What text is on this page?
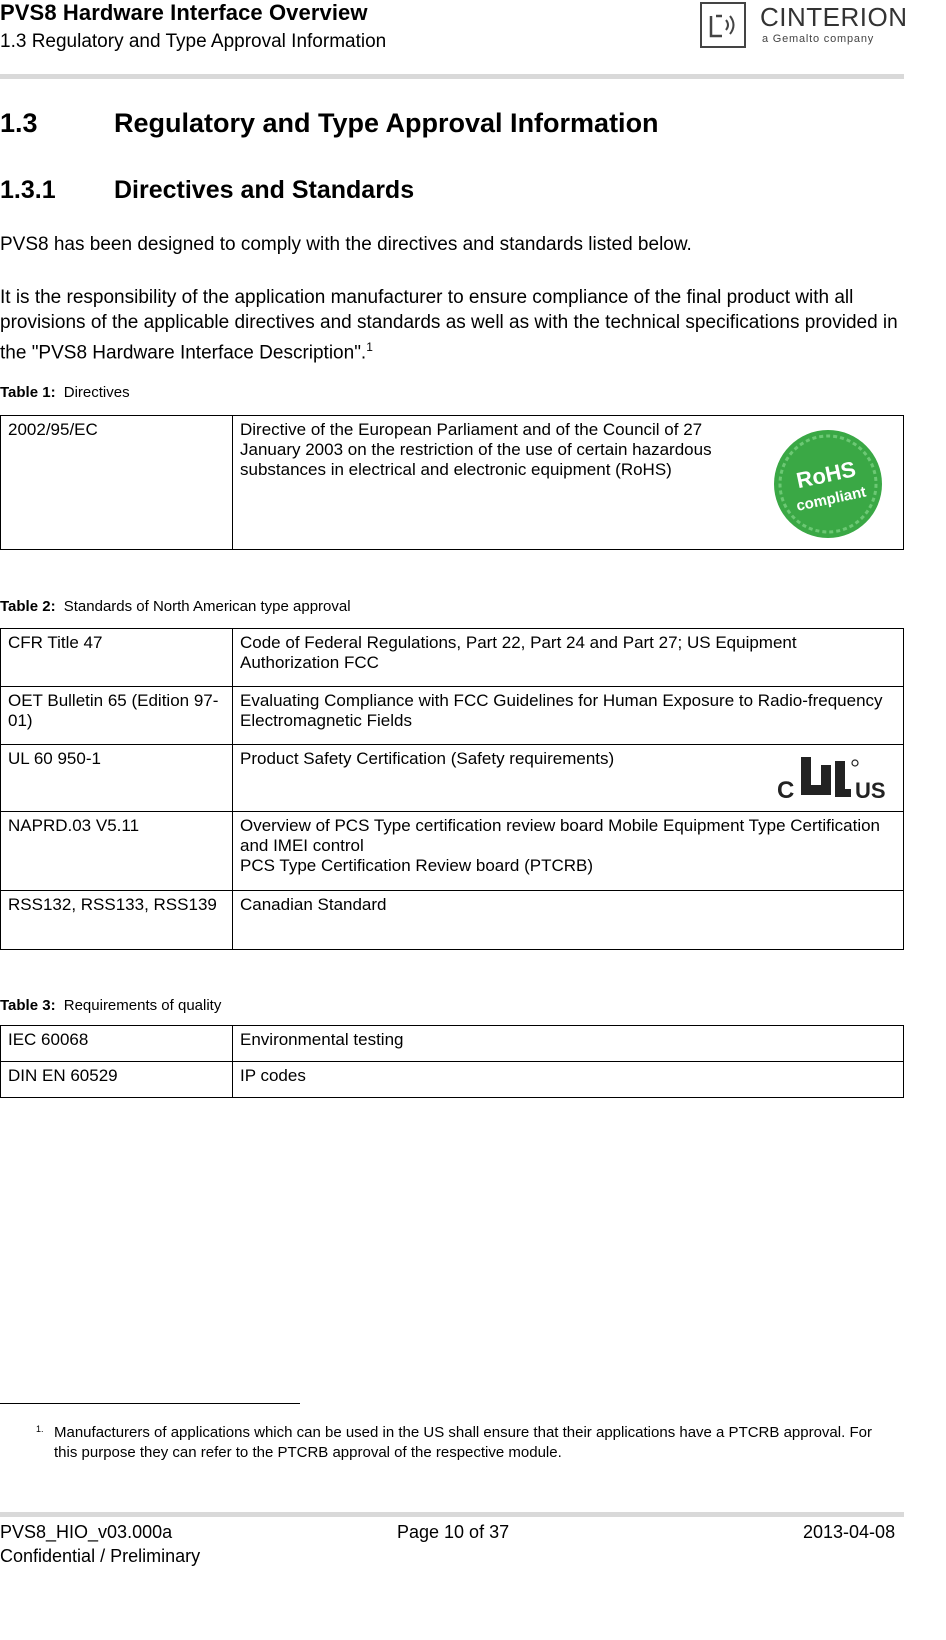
PVS8 Hardware Interface Overview
1.3 Regulatory and Type Approval Information
CINTERION
a Gemalto company
1.3	Regulatory and Type Approval Information
1.3.1 Directives and Standards
PVS8 has been designed to comply with the directives and standards listed below.
It is the responsibility of the application manufacturer to ensure compliance of the final product with all provisions of the applicable directives and standards as well as with the technical specifications provided in the "PVS8 Hardware Interface Description".$^1$
Table 1: Directives
2002/95/EC	Directive of the European Parliament and of the Council of 27 January 2003 on the restriction of the use of certain hazardous substances in electrical and electronic equipment (RoHS)	RoHS
compliant
Table 2: Standards of North American type approval
CFR Title 47	Code of Federal Regulations, Part 22, Part 24 and Part 27; US Equipment Authorization FCC
OET Bulletin 65 (Edition 97-01)	Evaluating Compliance with FCC Guidelines for Human Exposure to Radio-frequency Electromagnetic Fields
UL 60 950-1	Product Safety Certification (Safety requirements)
C US

NAPRD.03 V5.11	Overview of PCS Type certification review board Mobile Equipment Type Certification and IMEI control
PCS Type Certification Review board (PTCRB)

RSS132, RSS133, RSS139	Canadian Standard
Table 3: Requirements of quality
IEC 60068	Environmental testing
DIN EN 60529	IP codes
1. Manufacturers of applications which can be used in the US shall ensure that their applications have a PTCRB approval. For this purpose they can refer to the PTCRB approval of the respective module.
PVS8_HIO_v03.000a	Page 10 of 37	2013-04-08
Confidential / Preliminary
